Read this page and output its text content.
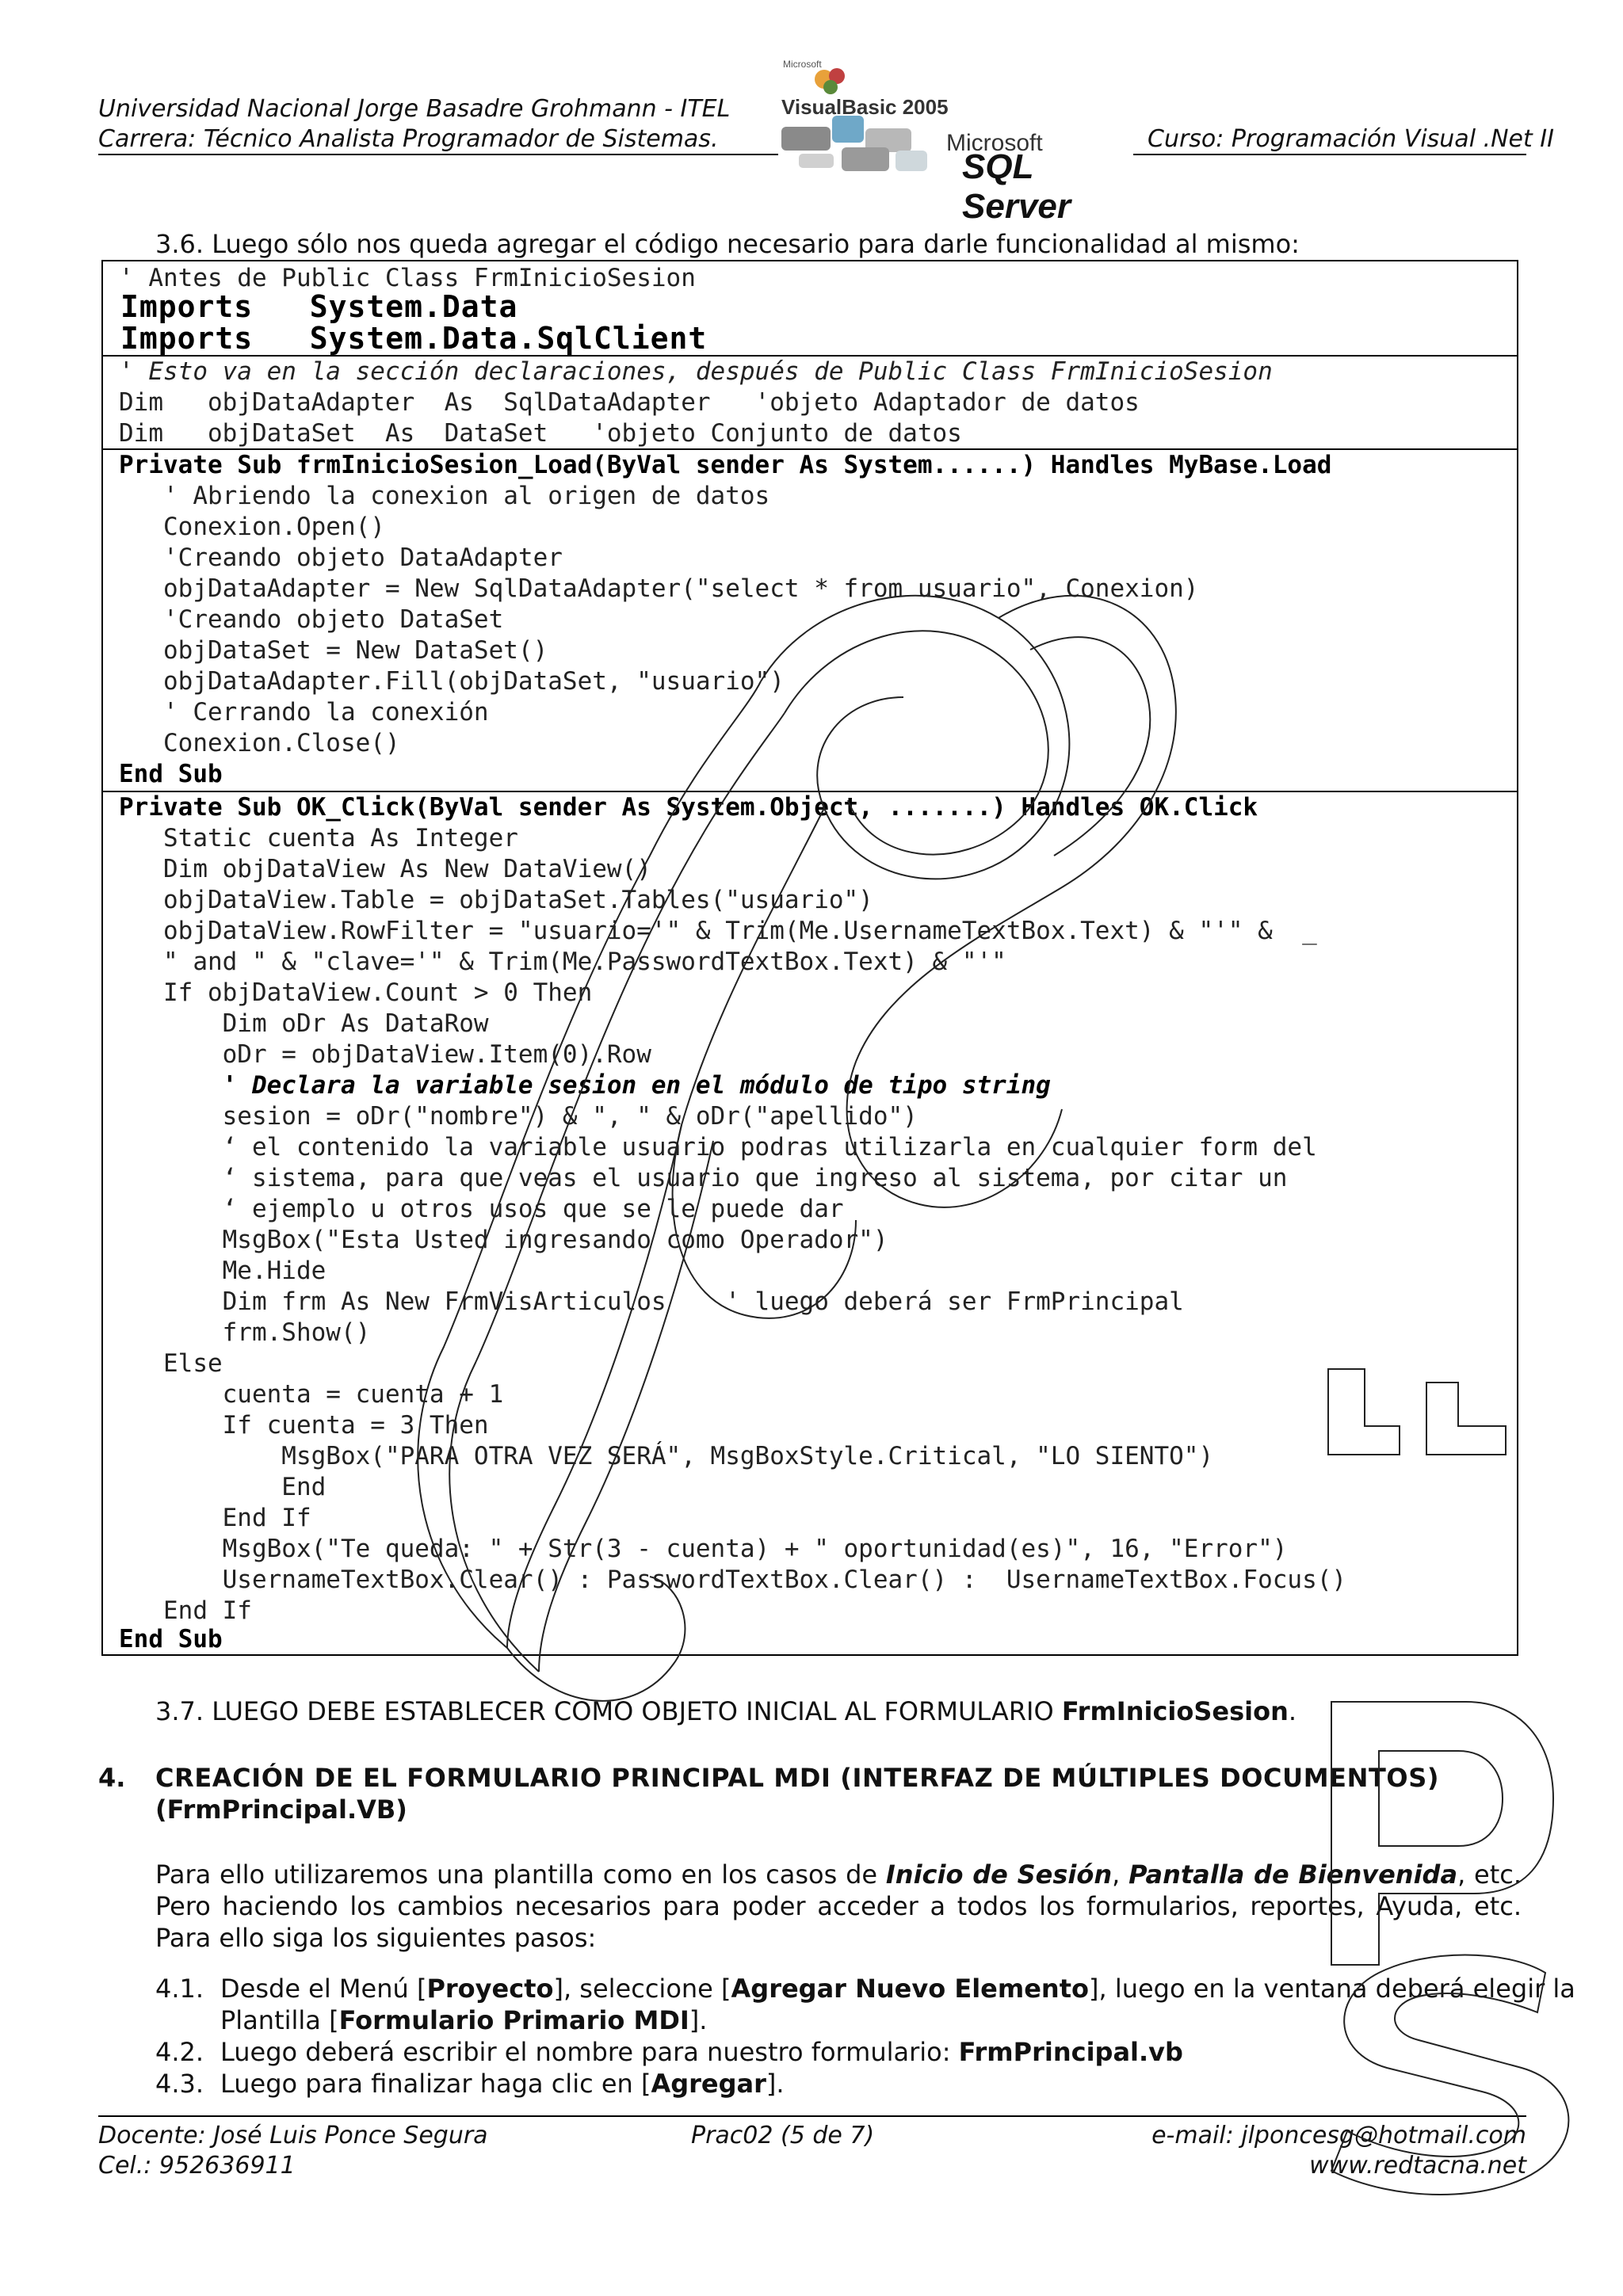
Universidad Nacional Jorge Basadre Grohmann - ITEL
Carrera: Técnico Analista Programador de Sistemas.	Curso: Programación Visual .Net II
Microsoft
VisualBasic 2005
Microsoft
SQL Server
3.6. Luego sólo nos queda agregar el código necesario para darle funcionalidad al mismo:
' Antes de Public Class FrmInicioSesion
Imports   System.Data
Imports   System.Data.SqlClient
' Esto va en la sección declaraciones, después de Public Class FrmInicioSesion
Dim   objDataAdapter  As  SqlDataAdapter   'objeto Adaptador de datos
Dim   objDataSet  As  DataSet   'objeto Conjunto de datos
Private Sub frmInicioSesion_Load(ByVal sender As System......) Handles MyBase.Load
' Abriendo la conexion al origen de datos
Conexion.Open()
'Creando objeto DataAdapter
objDataAdapter = New SqlDataAdapter("select * from usuario", Conexion)
'Creando objeto DataSet
objDataSet = New DataSet()
objDataAdapter.Fill(objDataSet, "usuario")
' Cerrando la conexión
Conexion.Close()
End Sub
Private Sub OK_Click(ByVal sender As System.Object, .......) Handles OK.Click
Static cuenta As Integer
Dim objDataView As New DataView()
objDataView.Table = objDataSet.Tables("usuario")
objDataView.RowFilter = "usuario='" & Trim(Me.UsernameTextBox.Text) & "'" &  _
" and " & "clave='" & Trim(Me.PasswordTextBox.Text) & "'"
If objDataView.Count > 0 Then
Dim oDr As DataRow
oDr = objDataView.Item(0).Row
' Declara la variable sesion en el módulo de tipo string
sesion = oDr("nombre") & ", " & oDr("apellido")
‘ el contenido la variable usuario podras utilizarla en cualquier form del
‘ sistema, para que veas el usuario que ingreso al sistema, por citar un
‘ ejemplo u otros usos que se le puede dar
MsgBox("Esta Usted ingresando como Operador")
Me.Hide
Dim frm As New FrmVisArticulos    ' luego deberá ser FrmPrincipal
frm.Show()
Else
cuenta = cuenta + 1
If cuenta = 3 Then
MsgBox("PARA OTRA VEZ SERÁ", MsgBoxStyle.Critical, "LO SIENTO")
End
End If
MsgBox("Te queda: " + Str(3 - cuenta) + " oportunidad(es)", 16, "Error")
UsernameTextBox.Clear() : PasswordTextBox.Clear() :  UsernameTextBox.Focus()
End If
End Sub
3.7. LUEGO DEBE ESTABLECER COMO OBJETO INICIAL AL FORMULARIO FrmInicioSesion.
4. CREACIÓN DE EL FORMULARIO PRINCIPAL MDI (INTERFAZ DE MÚLTIPLES DOCUMENTOS)
(FrmPrincipal.VB)
Para ello utilizaremos una plantilla como en los casos de Inicio de Sesión, Pantalla de Bienvenida, etc. Pero haciendo los cambios necesarios para poder acceder a todos los formularios, reportes, Ayuda, etc. Para ello siga los siguientes pasos:
4.1. Desde el Menú [Proyecto], seleccione [Agregar Nuevo Elemento], luego en la ventana deberá elegir la
Plantilla [Formulario Primario MDI].
4.2. Luego deberá escribir el nombre para nuestro formulario: FrmPrincipal.vb
4.3. Luego para finalizar haga clic en [Agregar].
Docente: José Luis Ponce Segura
Cel.: 952636911
Prac02 (5 de 7)	e-mail: jlponcesg@hotmail.com
www.redtacna.net
